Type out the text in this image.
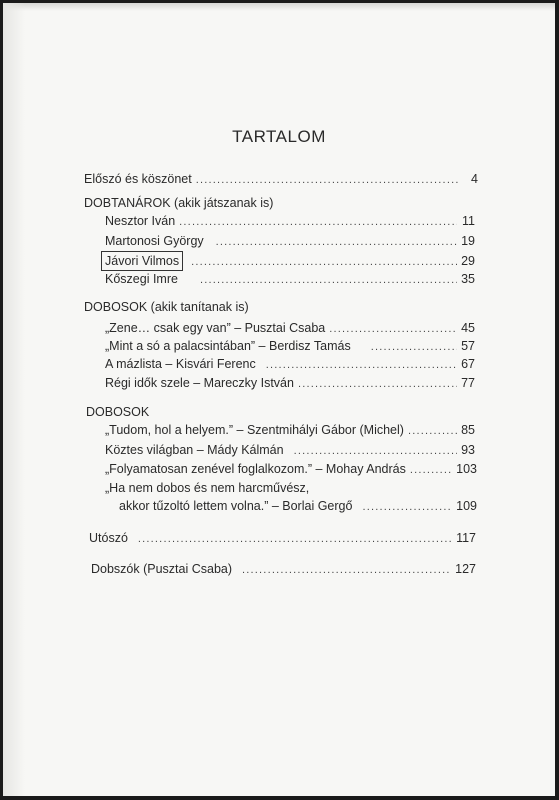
TARTALOM
Előszó és köszönet .....	4
DOBTANÁROK (akik játszanak is)
Nesztor Iván .....	11
Martonosi György .....	19
Jávori Vilmos .....	29
Kőszegi Imre .....	35
DOBOSOK (akik tanítanak is)
„Zene… csak egy van” – Pusztai Csaba .....	45
„Mint a só a palacsintában” – Berdisz Tamás .....	57
A mázlista – Kisvári Ferenc .....	67
Régi idők szele – Mareczky István .....	77
DOBOSOK
„Tudom, hol a helyem.” – Szentmihályi Gábor (Michel) .....	85
Köztes világban – Mády Kálmán .....	93
„Folyamatosan zenével foglalkozom.” – Mohay András .....	103
„Ha nem dobos és nem harcművész,
akkor tűzoltó lettem volna.” – Borlai Gergő .....	109
Utószó .....	117
Dobszók (Pusztai Csaba) .....	127
